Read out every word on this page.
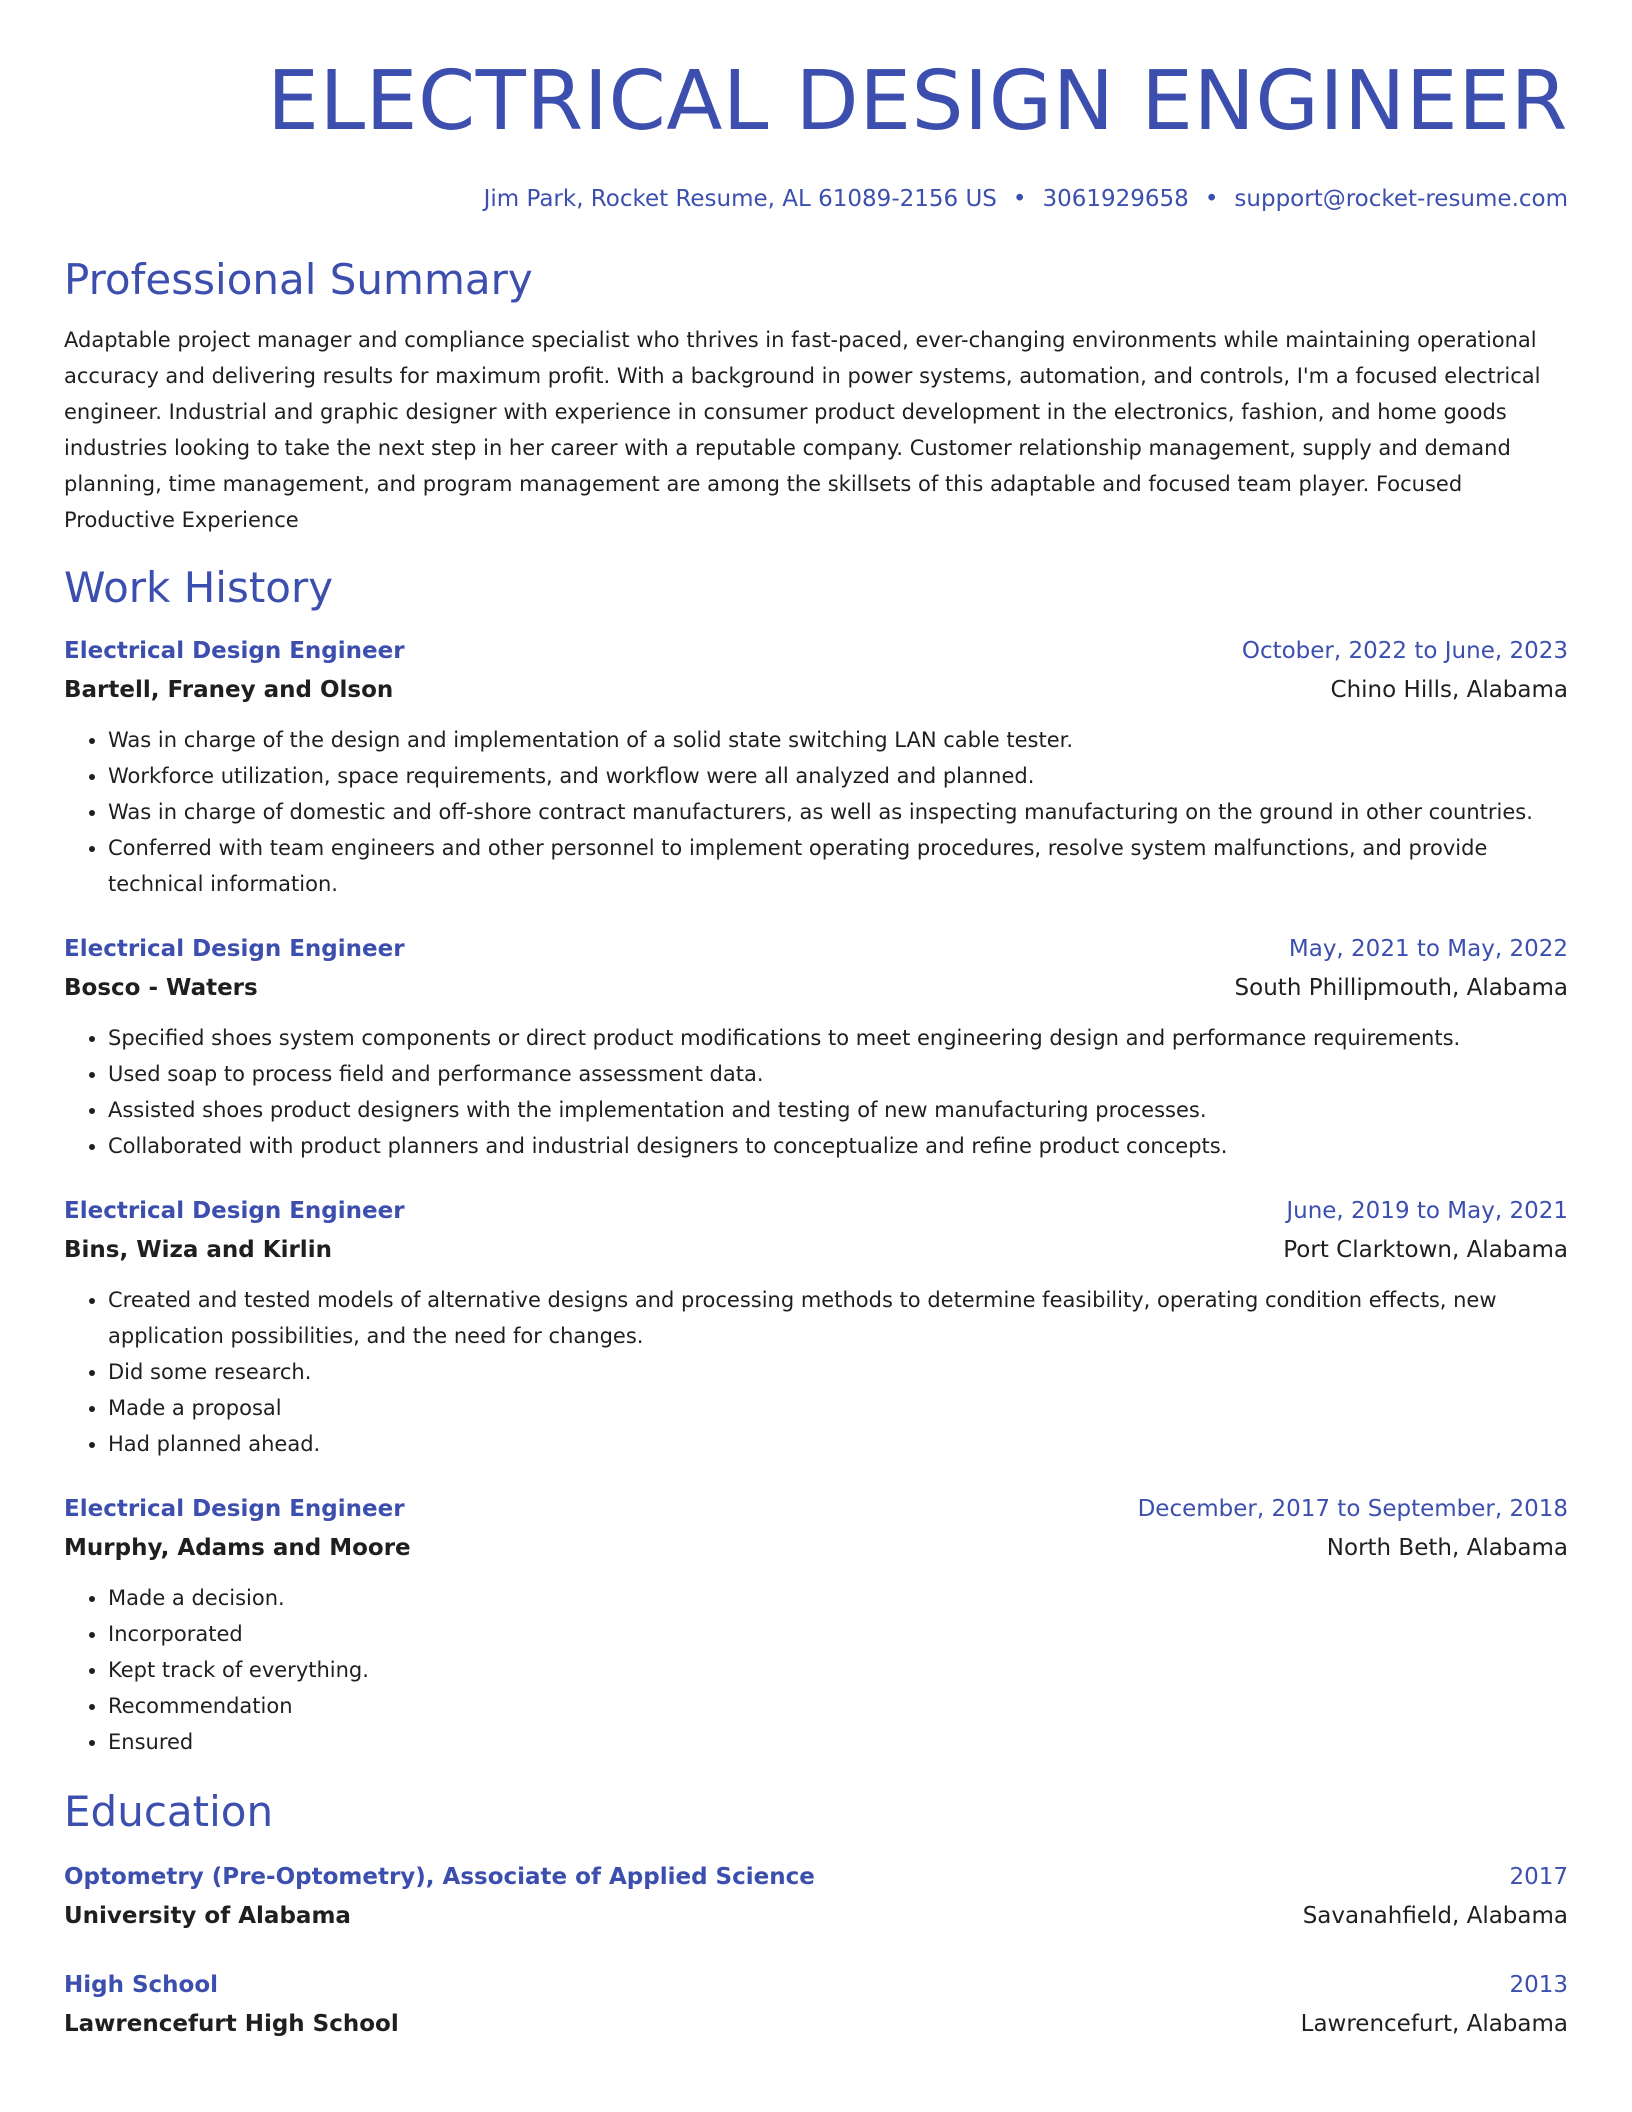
ELECTRICAL DESIGN ENGINEER
Jim Park, Rocket Resume, AL 61089-2156 US • 3061929658 • support@rocket-resume.com
Professional Summary

Adaptable project manager and compliance specialist who thrives in fast-paced, ever-changing environments while maintaining operational accuracy and delivering results for maximum profit. With a background in power systems, automation, and controls, I'm a focused electrical engineer. Industrial and graphic designer with experience in consumer product development in the electronics, fashion, and home goods industries looking to take the next step in her career with a reputable company. Customer relationship management, supply and demand planning, time management, and program management are among the skillsets of this adaptable and focused team player. Focused Productive Experience

Work History
Electrical Design Engineer	October, 2022 to June, 2023
Bartell, Franey and Olson	Chino Hills, Alabama
• Was in charge of the design and implementation of a solid state switching LAN cable tester.
• Workforce utilization, space requirements, and workflow were all analyzed and planned.
• Was in charge of domestic and off-shore contract manufacturers, as well as inspecting manufacturing on the ground in other countries.
• Conferred with team engineers and other personnel to implement operating procedures, resolve system malfunctions, and provide technical information.
Electrical Design Engineer	May, 2021 to May, 2022
Bosco - Waters	South Phillipmouth, Alabama
• Specified shoes system components or direct product modifications to meet engineering design and performance requirements.
• Used soap to process field and performance assessment data.
• Assisted shoes product designers with the implementation and testing of new manufacturing processes.
• Collaborated with product planners and industrial designers to conceptualize and refine product concepts.
Electrical Design Engineer	June, 2019 to May, 2021
Bins, Wiza and Kirlin	Port Clarktown, Alabama
• Created and tested models of alternative designs and processing methods to determine feasibility, operating condition effects, new application possibilities, and the need for changes.
• Did some research.
• Made a proposal
• Had planned ahead.
Electrical Design Engineer	December, 2017 to September, 2018
Murphy, Adams and Moore	North Beth, Alabama
• Made a decision.
• Incorporated
• Kept track of everything.
• Recommendation
• Ensured
Education
Optometry (Pre-Optometry), Associate of Applied Science	2017
University of Alabama	Savanahfield, Alabama
High School	2013
Lawrencefurt High School	Lawrencefurt, Alabama
